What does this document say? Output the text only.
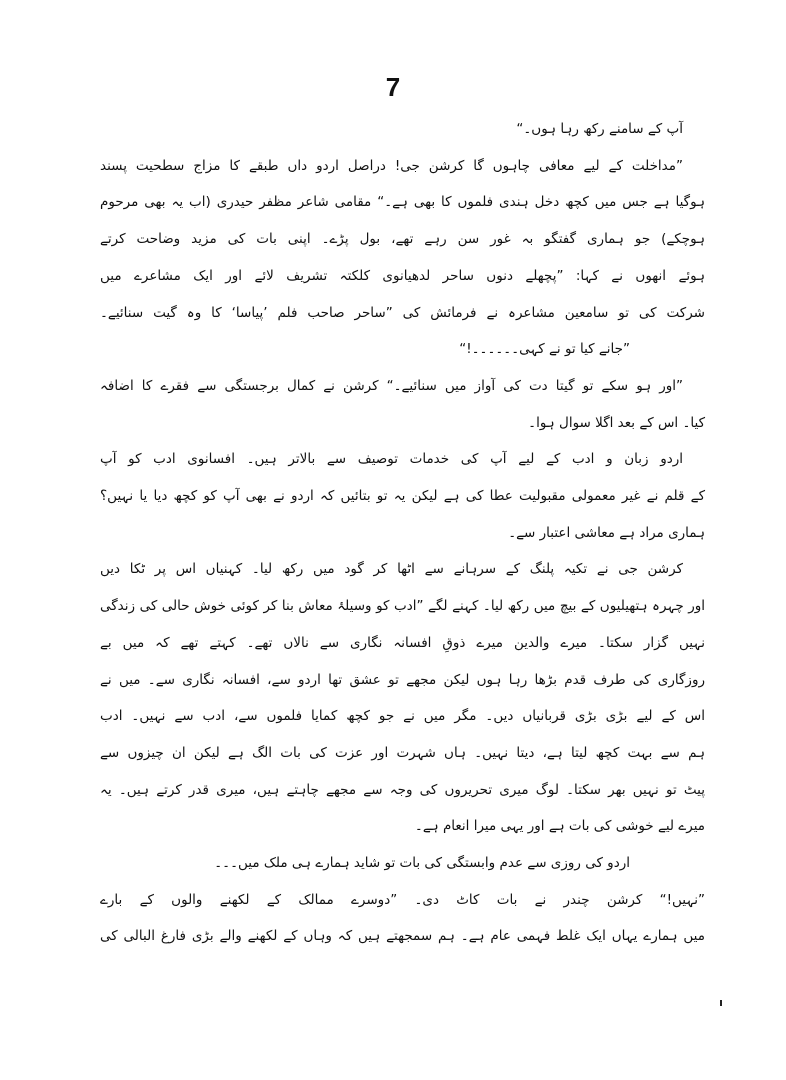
7
آپ کے سامنے رکھ رہا ہوں۔“
”مداخلت کے لیے معافی چاہوں گا کرشن جی! دراصل اردو داں طبقے کا مزاج سطحیت پسند
ہوگیا ہے جس میں کچھ دخل ہندی فلموں کا بھی ہے۔“ مقامی شاعر مظفر حیدری (اب یہ بھی مرحوم
ہوچکے) جو ہماری گفتگو بہ غور سن رہے تھے، بول پڑے۔ اپنی بات کی مزید وضاحت کرتے
ہوئے انھوں نے کہا: ”پچھلے دنوں ساحر لدھیانوی کلکتہ تشریف لائے اور ایک مشاعرے میں
شرکت کی تو سامعین مشاعرہ نے فرمائش کی ”ساحر صاحب فلم ’پیاسا‘ کا وہ گیت سنائیے۔
”جانے کیا تو نے کہی۔۔۔۔۔۔!“
”اور ہو سکے تو گیتا دت کی آواز میں سنائیے۔“ کرشن نے کمال برجستگی سے فقرے کا اضافہ
کیا۔ اس کے بعد اگلا سوال ہوا۔
اردو زبان و ادب کے لیے آپ کی خدمات توصیف سے بالاتر ہیں۔ افسانوی ادب کو آپ
کے قلم نے غیر معمولی مقبولیت عطا کی ہے لیکن یہ تو بتائیں کہ اردو نے بھی آپ کو کچھ دیا یا نہیں؟
ہماری مراد ہے معاشی اعتبار سے۔
کرشن جی نے تکیہ پلنگ کے سرہانے سے اٹھا کر گود میں رکھ لیا۔ کہنیاں اس پر ٹکا دیں
اور چہرہ ہتھیلیوں کے بیچ میں رکھ لیا۔ کہنے لگے ”ادب کو وسیلۂ معاش بنا کر کوئی خوش حالی کی زندگی
نہیں گزار سکتا۔ میرے والدین میرے ذوقِ افسانہ نگاری سے نالاں تھے۔ کہتے تھے کہ میں بے
روزگاری کی طرف قدم بڑھا رہا ہوں لیکن مجھے تو عشق تھا اردو سے، افسانہ نگاری سے۔ میں نے
اس کے لیے بڑی بڑی قربانیاں دیں۔ مگر میں نے جو کچھ کمایا فلموں سے، ادب سے نہیں۔ ادب
ہم سے بہت کچھ لیتا ہے، دیتا نہیں۔ ہاں شہرت اور عزت کی بات الگ ہے لیکن ان چیزوں سے
پیٹ تو نہیں بھر سکتا۔ لوگ میری تحریروں کی وجہ سے مجھے چاہتے ہیں، میری قدر کرتے ہیں۔ یہ
میرے لیے خوشی کی بات ہے اور یہی میرا انعام ہے۔
اردو کی روزی سے عدم وابستگی کی بات تو شاید ہمارے ہی ملک میں۔۔۔
”نہیں!“ کرشن چندر نے بات کاٹ دی۔ ”دوسرے ممالک کے لکھنے والوں کے بارے
میں ہمارے یہاں ایک غلط فہمی عام ہے۔ ہم سمجھتے ہیں کہ وہاں کے لکھنے والے بڑی فارغ البالی کی
